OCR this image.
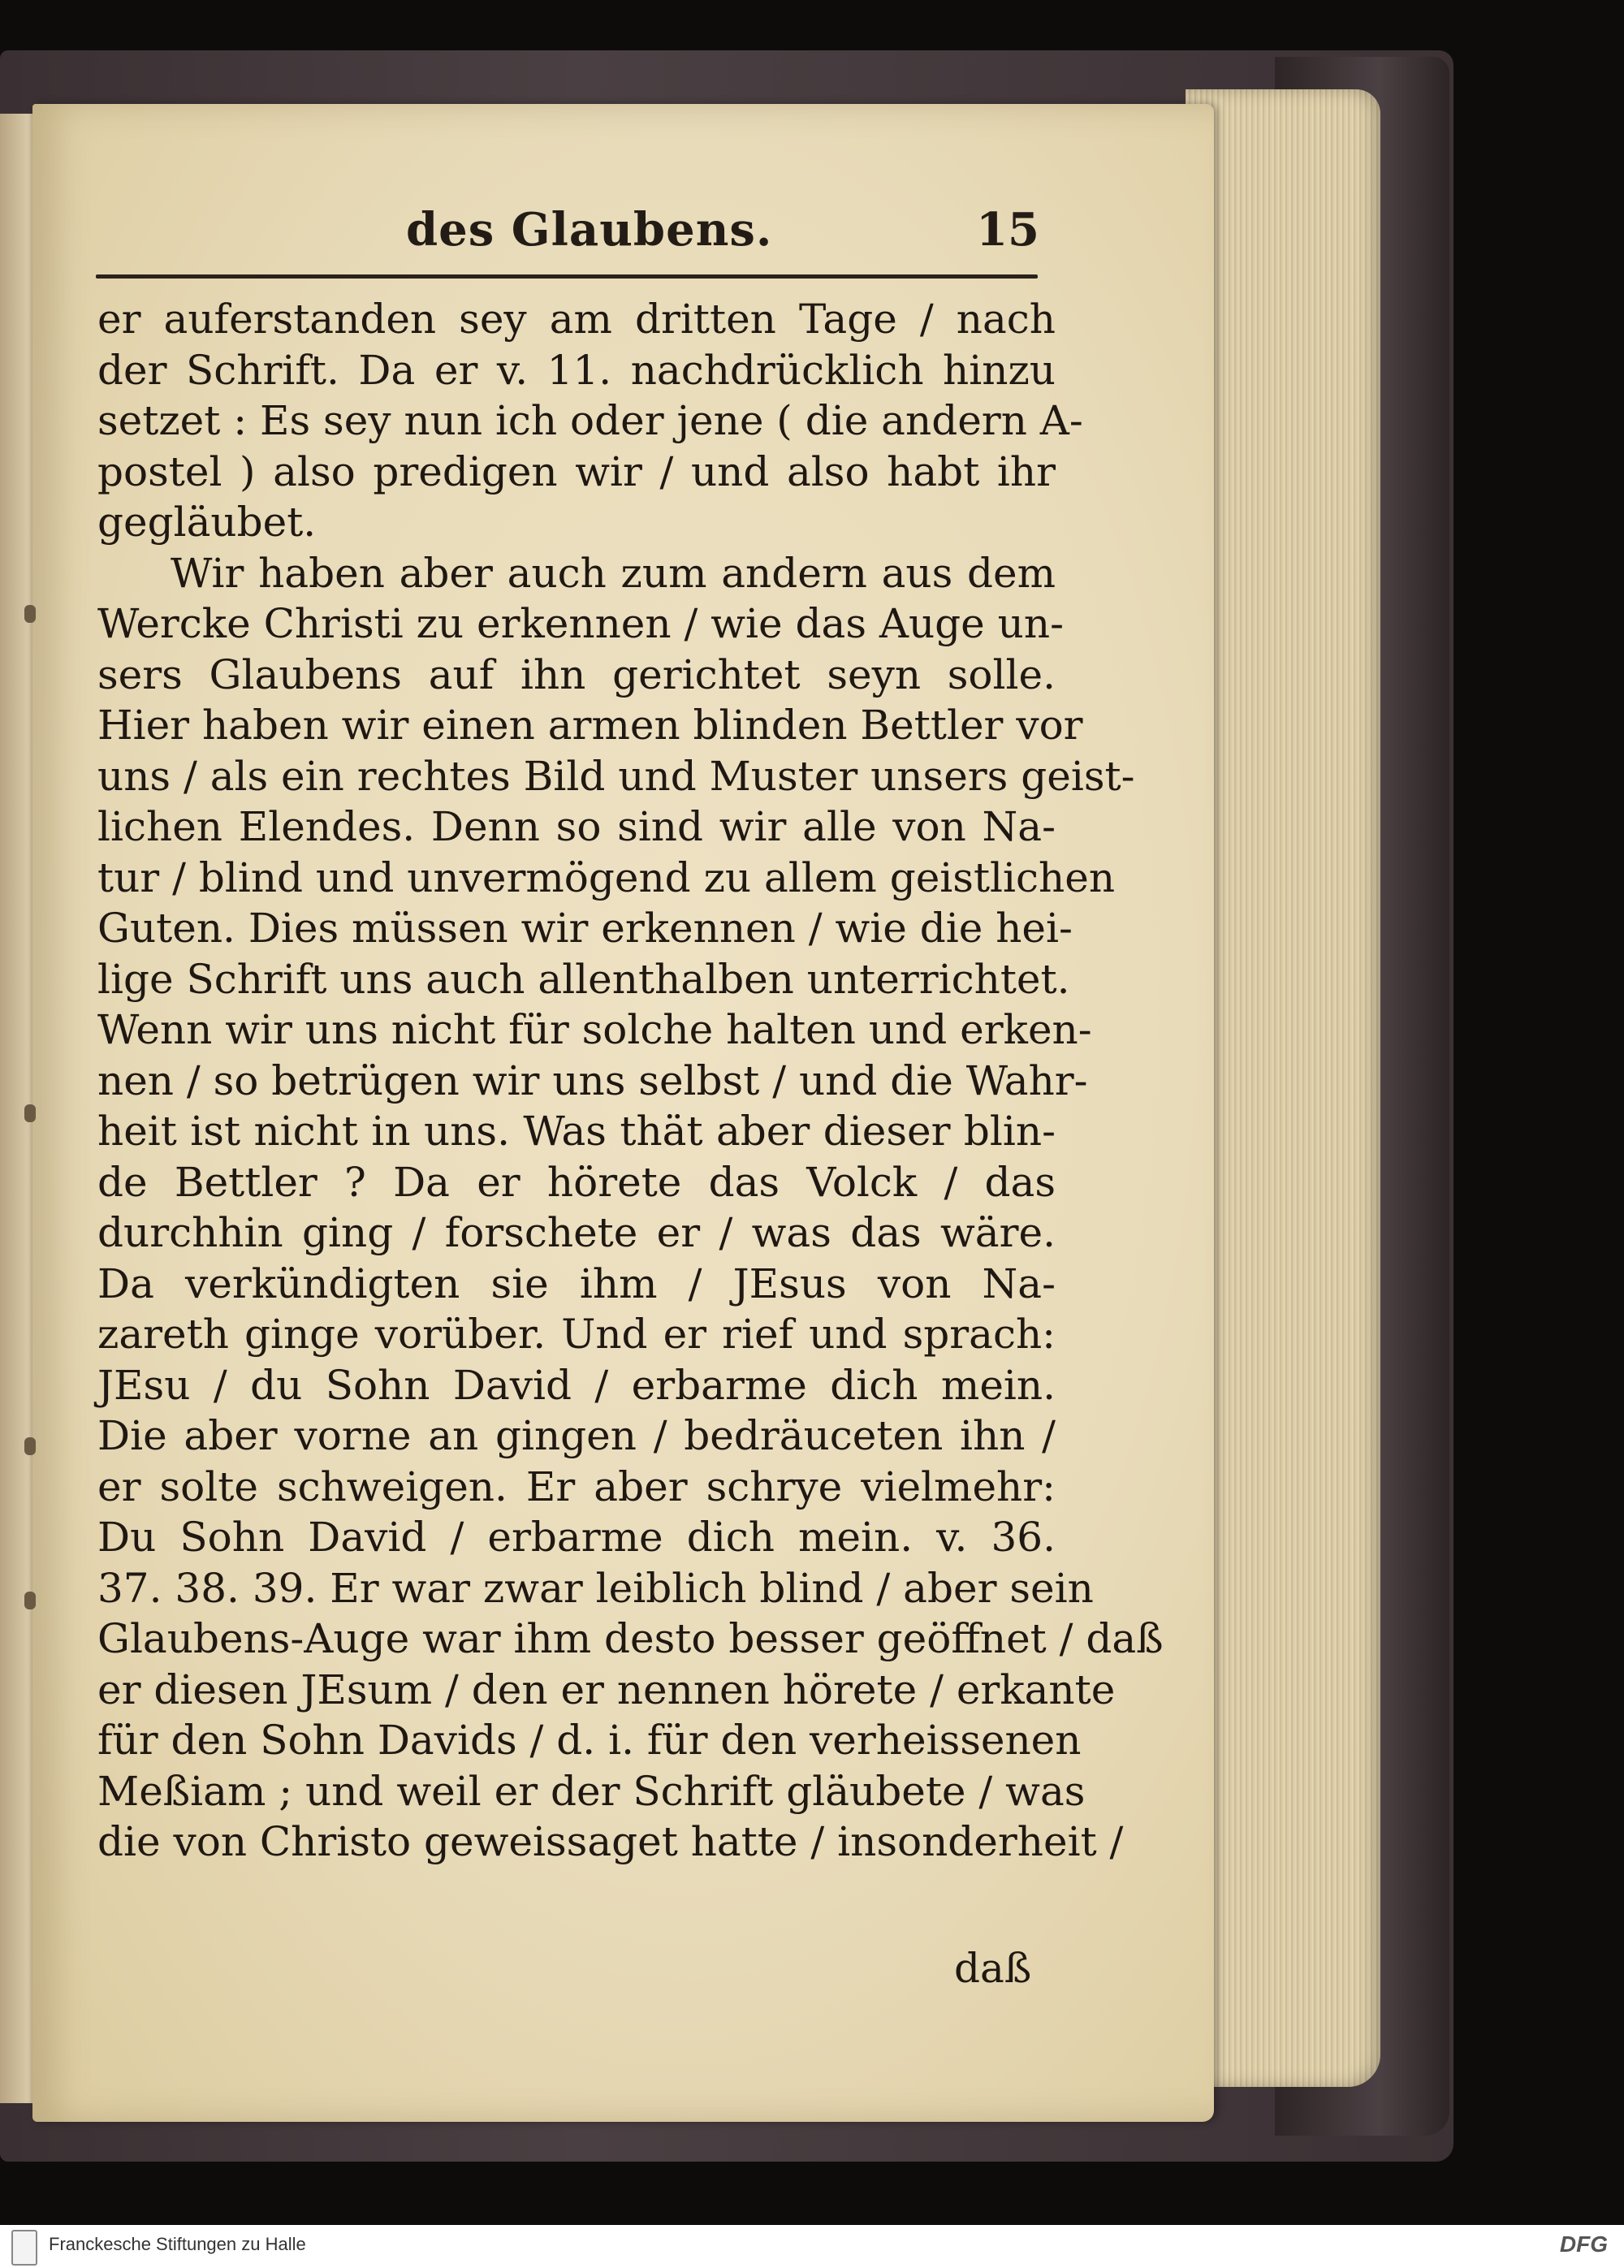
des Glaubens.	15
er auferstanden sey am dritten Tage / nach
der Schrift. Da er v. 11. nachdrücklich hinzu
setzet : Es sey nun ich oder jene ( die andern A-
postel ) also predigen wir / und also habt ihr
gegläubet.
Wir haben aber auch zum andern aus dem
Wercke Christi zu erkennen / wie das Auge un-
sers Glaubens auf ihn gerichtet seyn solle.
Hier haben wir einen armen blinden Bettler vor
uns / als ein rechtes Bild und Muster unsers geist-
lichen Elendes. Denn so sind wir alle von Na-
tur / blind und unvermögend zu allem geistlichen
Guten. Dies müssen wir erkennen / wie die hei-
lige Schrift uns auch allenthalben unterrichtet.
Wenn wir uns nicht für solche halten und erken-
nen / so betrügen wir uns selbst / und die Wahr-
heit ist nicht in uns. Was thät aber dieser blin-
de Bettler ? Da er hörete das Volck / das
durchhin ging / forschete er / was das wäre.
Da verkündigten sie ihm / JEsus von Na-
zareth ginge vorüber. Und er rief und sprach:
JEsu / du Sohn David / erbarme dich mein.
Die aber vorne an gingen / bedräuceten ihn /
er solte schweigen. Er aber schrye vielmehr:
Du Sohn David / erbarme dich mein. v. 36.
37. 38. 39. Er war zwar leiblich blind / aber sein
Glaubens-Auge war ihm desto besser geöffnet / daß
er diesen JEsum / den er nennen hörete / erkante
für den Sohn Davids / d. i. für den verheissenen
Meßiam ; und weil er der Schrift gläubete / was
die von Christo geweissaget hatte / insonderheit /
daß
Franckesche Stiftungen zu Halle	DFG
